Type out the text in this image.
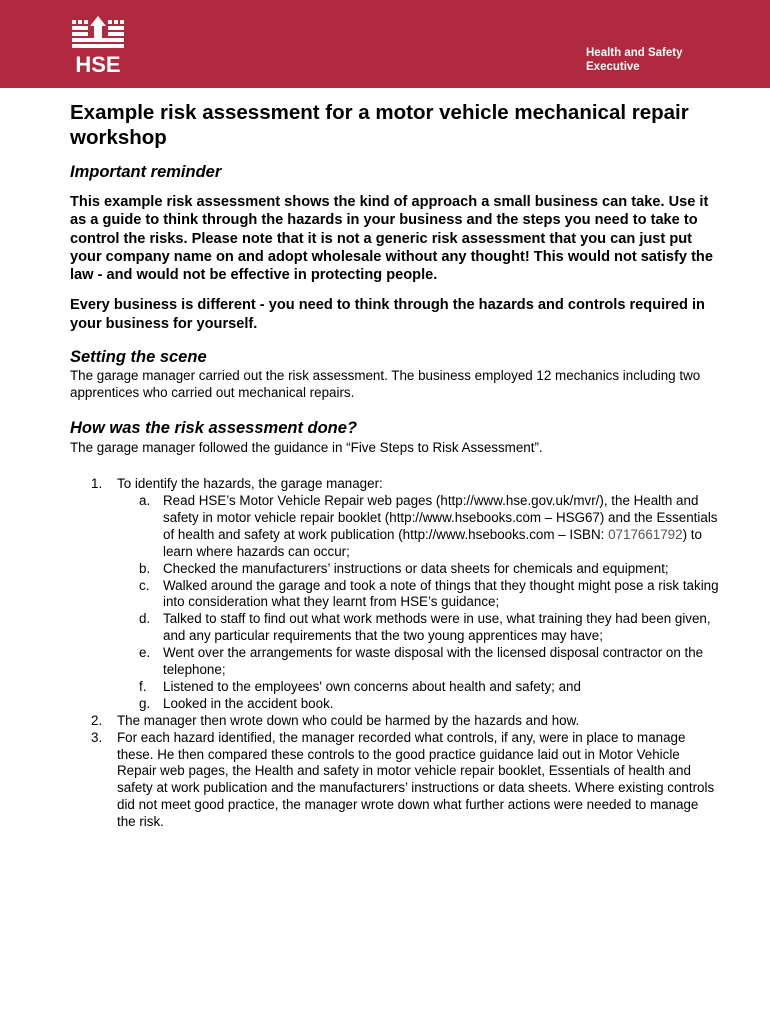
HSE	Health and Safety
Executive
Example risk assessment for a motor vehicle mechanical repair workshop
Important reminder

This example risk assessment shows the kind of approach a small business can take. Use it as a guide to think through the hazards in your business and the steps you need to take to control the risks. Please note that it is not a generic risk assessment that you can just put your company name on and adopt wholesale without any thought! This would not satisfy the law - and would not be effective in protecting people.

Every business is different - you need to think through the hazards and controls required in your business for yourself.

Setting the scene

The garage manager carried out the risk assessment. The business employed 12 mechanics including two apprentices who carried out mechanical repairs.

How was the risk assessment done?

The garage manager followed the guidance in “Five Steps to Risk Assessment”.

1. To identify the hazards, the garage manager:
a. Read HSE’s Motor Vehicle Repair web pages (http://www.hse.gov.uk/mvr/), the Health and safety in motor vehicle repair booklet (http://www.hsebooks.com – HSG67) and the Essentials of health and safety at work publication (http://www.hsebooks.com – ISBN: 0717661792) to learn where hazards can occur;
b. Checked the manufacturers’ instructions or data sheets for chemicals and equipment;
c.	Walked around the garage and took a note of things that they thought might pose a risk taking into consideration what they learnt from HSE’s guidance;
d. Talked to staff to find out what work methods were in use, what training they had been given, and any particular requirements that the two young apprentices may have;
e. Went over the arrangements for waste disposal with the licensed disposal contractor on the telephone;
f.	Listened to the employees' own concerns about health and safety; and
g. Looked in the accident book.
2. The manager then wrote down who could be harmed by the hazards and how.
3. For each hazard identified, the manager recorded what controls, if any, were in place to manage these. He then compared these controls to the good practice guidance laid out in Motor Vehicle Repair web pages, the Health and safety in motor vehicle repair booklet, Essentials of health and safety at work publication and the manufacturers’ instructions or data sheets. Where existing controls did not meet good practice, the manager wrote down what further actions were needed to manage the risk.
